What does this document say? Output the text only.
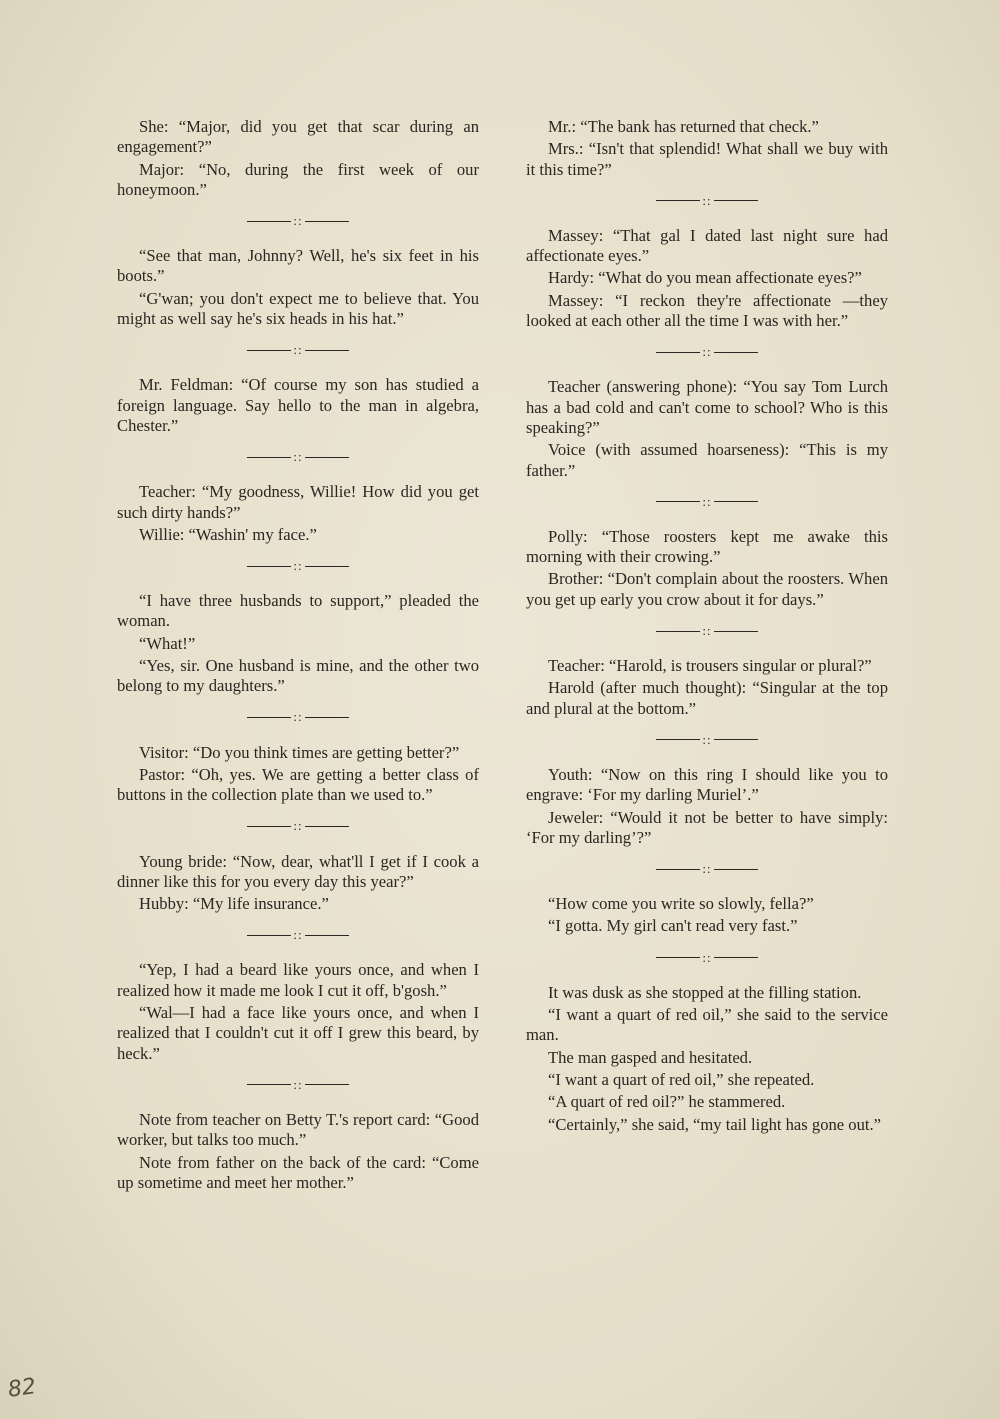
She: “Major, did you get that scar during an engagement?”

Major: “No, during the first week of our honeymoon.”

::

“See that man, Johnny? Well, he's six feet in his boots.”

“G'wan; you don't expect me to believe that. You might as well say he's six heads in his hat.”

::

Mr. Feldman: “Of course my son has studied a foreign language. Say hello to the man in algebra, Chester.”

::

Teacher: “My goodness, Willie! How did you get such dirty hands?”

Willie: “Washin' my face.”

::

“I have three husbands to support,” pleaded the woman.

“What!”

“Yes, sir. One husband is mine, and the other two belong to my daughters.”

::

Visitor: “Do you think times are getting better?”

Pastor: “Oh, yes. We are getting a better class of buttons in the collection plate than we used to.”

::

Young bride: “Now, dear, what'll I get if I cook a dinner like this for you every day this year?”

Hubby: “My life insurance.”

::

“Yep, I had a beard like yours once, and when I realized how it made me look I cut it off, b'gosh.”

“Wal—I had a face like yours once, and when I realized that I couldn't cut it off I grew this beard, by heck.”

::

Note from teacher on Betty T.'s report card: “Good worker, but talks too much.”

Note from father on the back of the card: “Come up sometime and meet her mother.”

Mr.: “The bank has returned that check.”

Mrs.: “Isn't that splendid! What shall we buy with it this time?”

::

Massey: “That gal I dated last night sure had affectionate eyes.”

Hardy: “What do you mean affectionate eyes?”

Massey: “I reckon they're affectionate —they looked at each other all the time I was with her.”

::

Teacher (answering phone): “You say Tom Lurch has a bad cold and can't come to school? Who is this speaking?”

Voice (with assumed hoarseness): “This is my father.”

::

Polly: “Those roosters kept me awake this morning with their crowing.”

Brother: “Don't complain about the roosters. When you get up early you crow about it for days.”

::

Teacher: “Harold, is trousers singular or plural?”

Harold (after much thought): “Singular at the top and plural at the bottom.”

::

Youth: “Now on this ring I should like you to engrave: ‘For my darling Muriel’.”

Jeweler: “Would it not be better to have simply: ‘For my darling’?”

::

“How come you write so slowly, fella?”

“I gotta. My girl can't read very fast.”

::

It was dusk as she stopped at the filling station.

“I want a quart of red oil,” she said to the service man.

The man gasped and hesitated.

“I want a quart of red oil,” she repeated.

“A quart of red oil?” he stammered.

“Certainly,” she said, “my tail light has gone out.”

82
